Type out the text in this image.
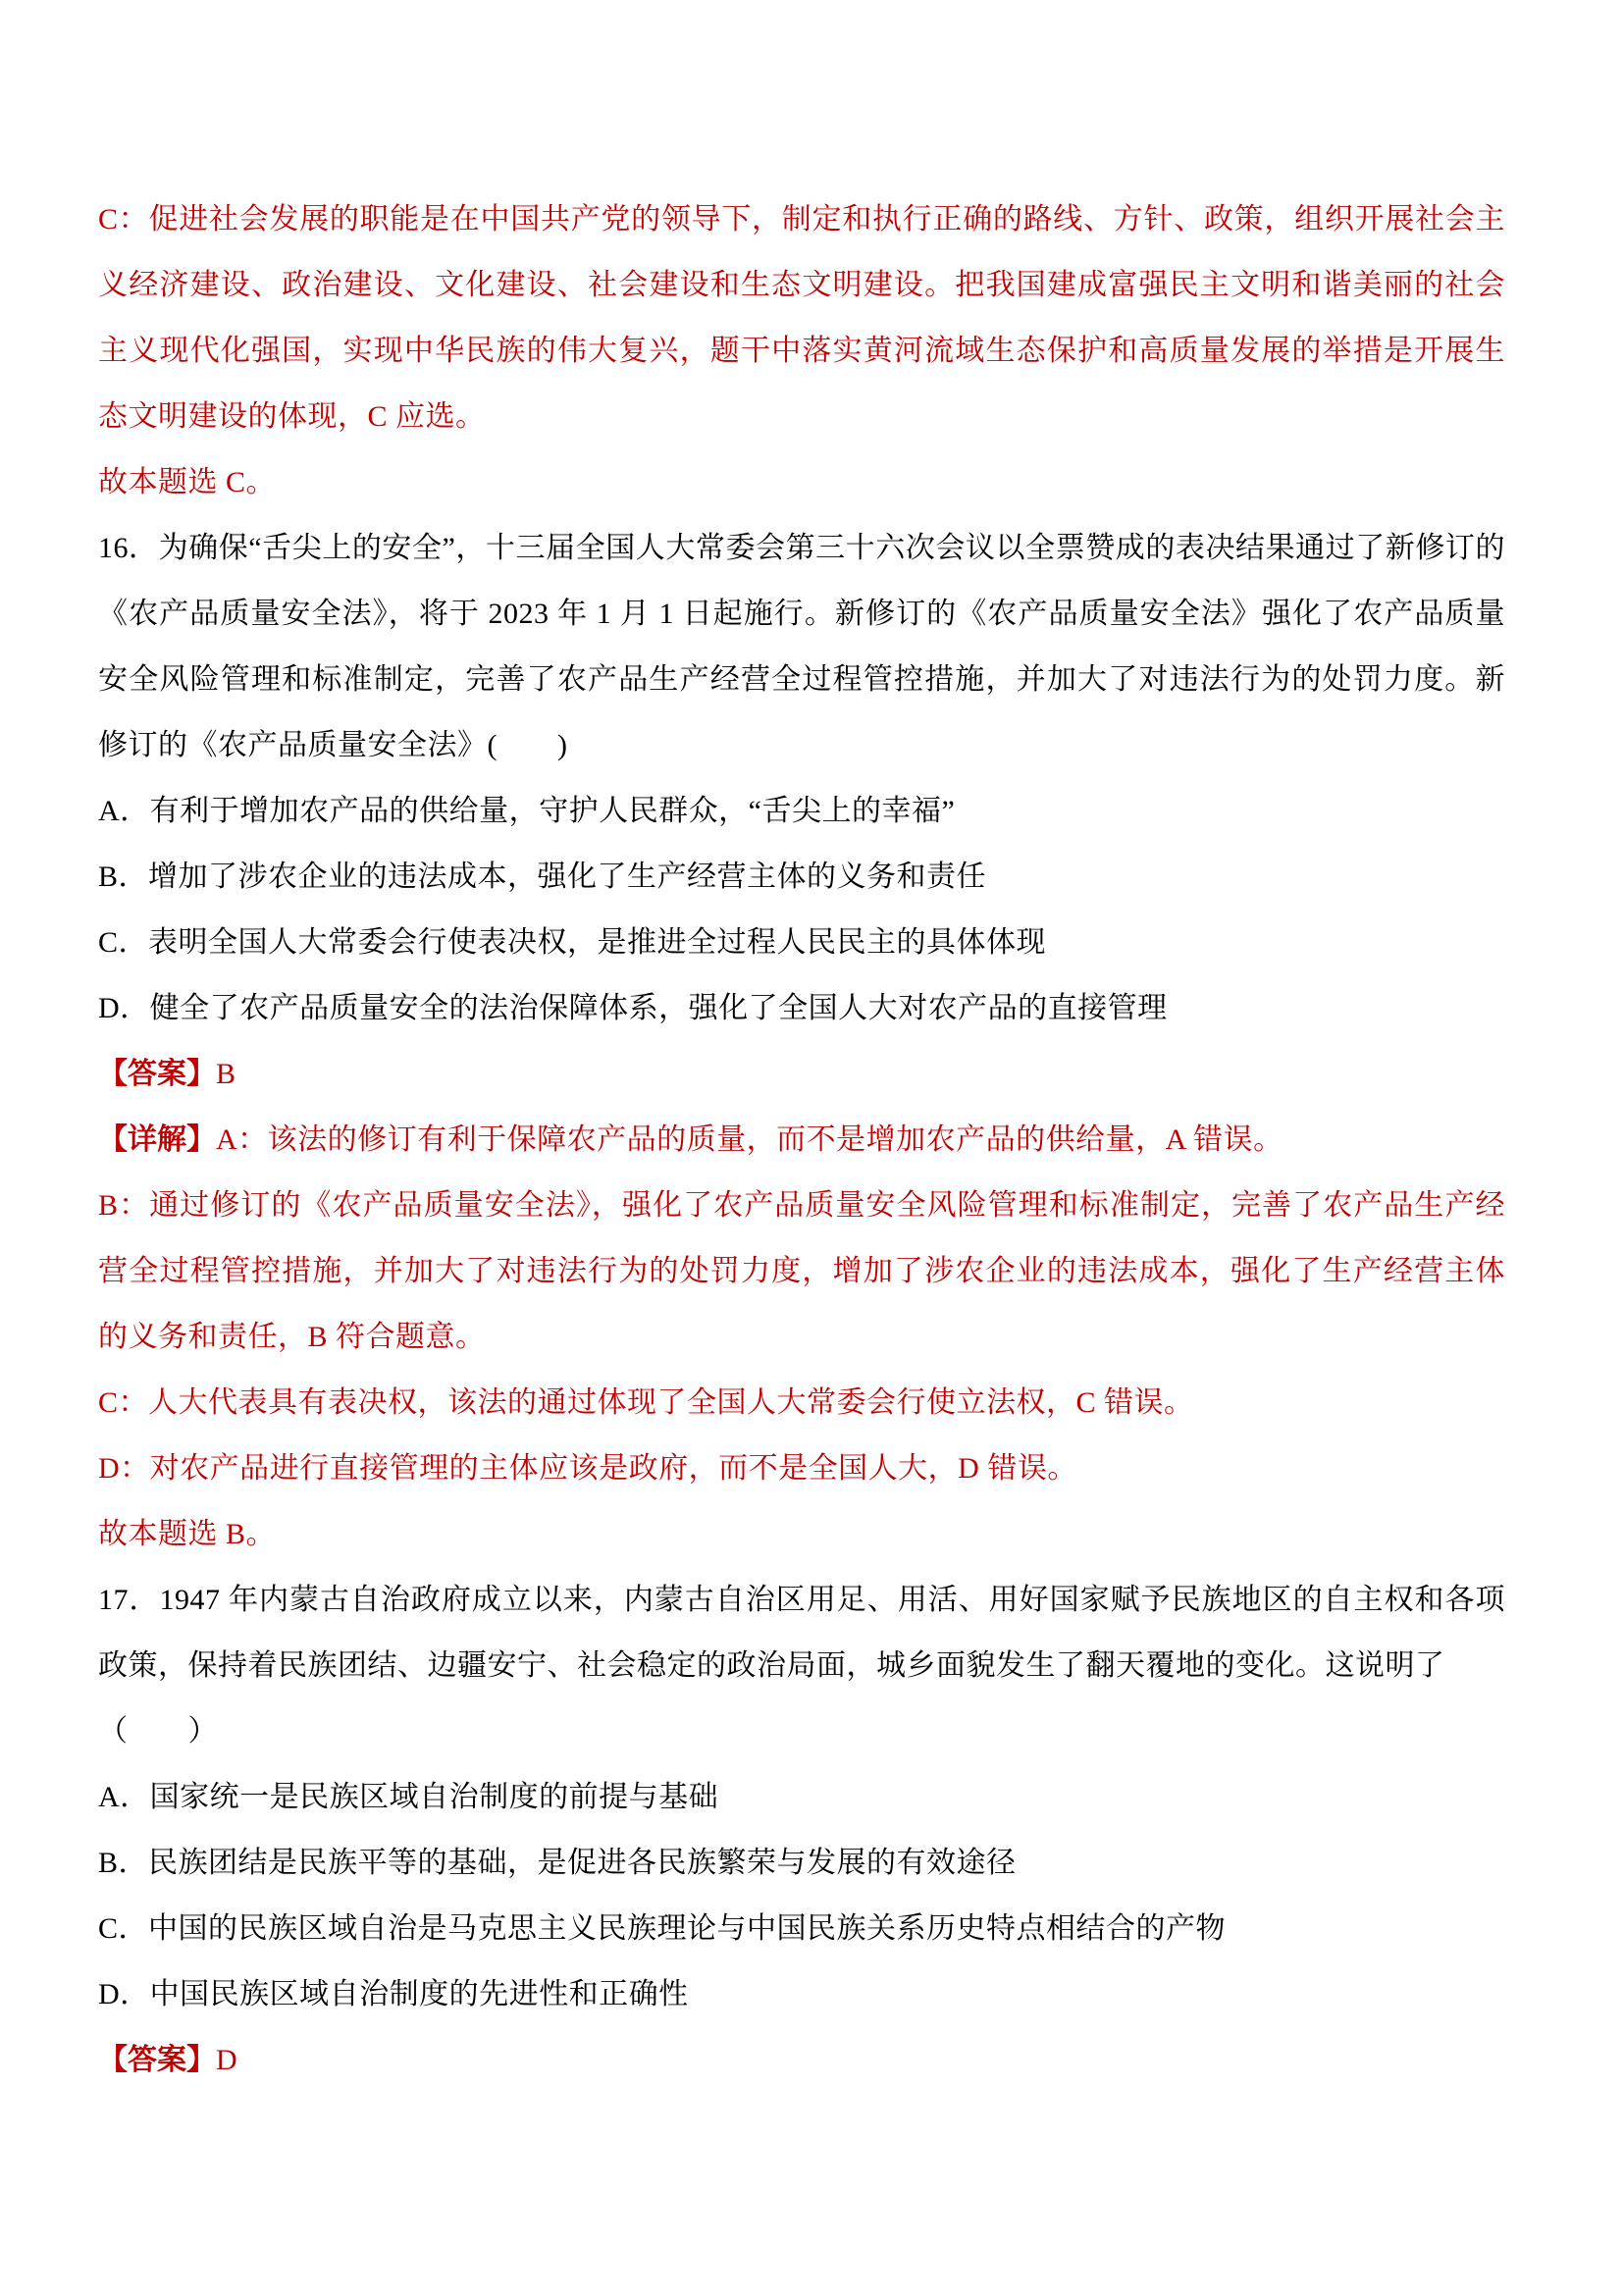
C：促进社会发展的职能是在中国共产党的领导下，制定和执行正确的路线、方针、政策，组织开展社会主
义经济建设、政治建设、文化建设、社会建设和生态文明建设。把我国建成富强民主文明和谐美丽的社会
主义现代化强国，实现中华民族的伟大复兴，题干中落实黄河流域生态保护和高质量发展的举措是开展生
态文明建设的体现，C 应选。
故本题选 C。
16．为确保“舌尖上的安全”，十三届全国人大常委会第三十六次会议以全票赞成的表决结果通过了新修订的
《农产品质量安全法》，将于 2023 年 1 月 1 日起施行。新修订的《农产品质量安全法》强化了农产品质量
安全风险管理和标准制定，完善了农产品生产经营全过程管控措施，并加大了对违法行为的处罚力度。新
修订的《农产品质量安全法》(　　)
A．有利于增加农产品的供给量，守护人民群众，“舌尖上的幸福”
B．增加了涉农企业的违法成本，强化了生产经营主体的义务和责任
C．表明全国人大常委会行使表决权，是推进全过程人民民主的具体体现
D．健全了农产品质量安全的法治保障体系，强化了全国人大对农产品的直接管理
【答案】B
【详解】A：该法的修订有利于保障农产品的质量，而不是增加农产品的供给量，A 错误。
B：通过修订的《农产品质量安全法》，强化了农产品质量安全风险管理和标准制定，完善了农产品生产经
营全过程管控措施，并加大了对违法行为的处罚力度，增加了涉农企业的违法成本，强化了生产经营主体
的义务和责任，B 符合题意。
C：人大代表具有表决权，该法的通过体现了全国人大常委会行使立法权，C 错误。
D：对农产品进行直接管理的主体应该是政府，而不是全国人大，D 错误。
故本题选 B。
17．1947 年内蒙古自治政府成立以来，内蒙古自治区用足、用活、用好国家赋予民族地区的自主权和各项
政策，保持着民族团结、边疆安宁、社会稳定的政治局面，城乡面貌发生了翻天覆地的变化。这说明了
（　　）
A．国家统一是民族区域自治制度的前提与基础
B．民族团结是民族平等的基础，是促进各民族繁荣与发展的有效途径
C．中国的民族区域自治是马克思主义民族理论与中国民族关系历史特点相结合的产物
D．中国民族区域自治制度的先进性和正确性
【答案】D
